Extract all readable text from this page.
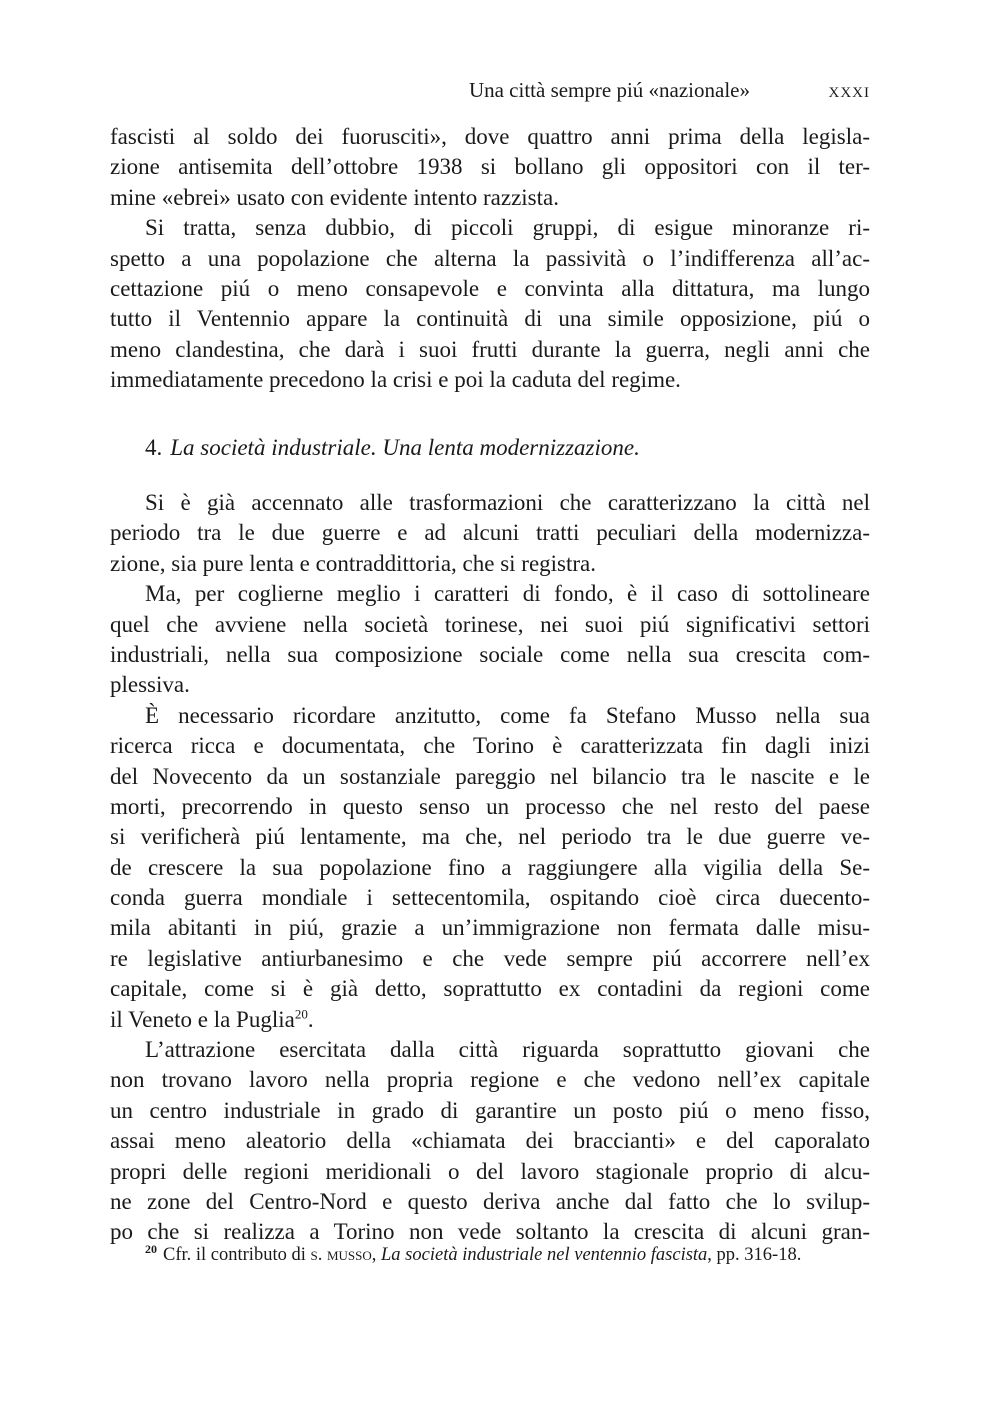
Una città sempre piú «nazionale»	xxxi
fascisti al soldo dei fuorusciti», dove quattro anni prima della legisla-
zione antisemita dell’ottobre 1938 si bollano gli oppositori con il ter-
mine «ebrei» usato con evidente intento razzista.
Si tratta, senza dubbio, di piccoli gruppi, di esigue minoranze ri-
spetto a una popolazione che alterna la passività o l’indifferenza all’ac-
cettazione piú o meno consapevole e convinta alla dittatura, ma lungo
tutto il Ventennio appare la continuità di una simile opposizione, piú o
meno clandestina, che darà i suoi frutti durante la guerra, negli anni che
immediatamente precedono la crisi e poi la caduta del regime.
4. La società industriale. Una lenta modernizzazione.
Si è già accennato alle trasformazioni che caratterizzano la città nel
periodo tra le due guerre e ad alcuni tratti peculiari della modernizza-
zione, sia pure lenta e contraddittoria, che si registra.
Ma, per coglierne meglio i caratteri di fondo, è il caso di sottolineare
quel che avviene nella società torinese, nei suoi piú significativi settori
industriali, nella sua composizione sociale come nella sua crescita com-
plessiva.
È necessario ricordare anzitutto, come fa Stefano Musso nella sua
ricerca ricca e documentata, che Torino è caratterizzata fin dagli inizi
del Novecento da un sostanziale pareggio nel bilancio tra le nascite e le
morti, precorrendo in questo senso un processo che nel resto del paese
si verificherà piú lentamente, ma che, nel periodo tra le due guerre ve-
de crescere la sua popolazione fino a raggiungere alla vigilia della Se-
conda guerra mondiale i settecentomila, ospitando cioè circa duecento-
mila abitanti in piú, grazie a un’immigrazione non fermata dalle misu-
re legislative antiurbanesimo e che vede sempre piú accorrere nell’ex
capitale, come si è già detto, soprattutto ex contadini da regioni come
il Veneto e la Puglia$^{20}$.
L’attrazione esercitata dalla città riguarda soprattutto giovani che
non trovano lavoro nella propria regione e che vedono nell’ex capitale
un centro industriale in grado di garantire un posto piú o meno fisso,
assai meno aleatorio della «chiamata dei braccianti» e del caporalato
propri delle regioni meridionali o del lavoro stagionale proprio di alcu-
ne zone del Centro-Nord e questo deriva anche dal fatto che lo svilup-
po che si realizza a Torino non vede soltanto la crescita di alcuni gran-
$^{20}$ Cfr. il contributo di s. musso, La società industriale nel ventennio fascista, pp. 316-18.
